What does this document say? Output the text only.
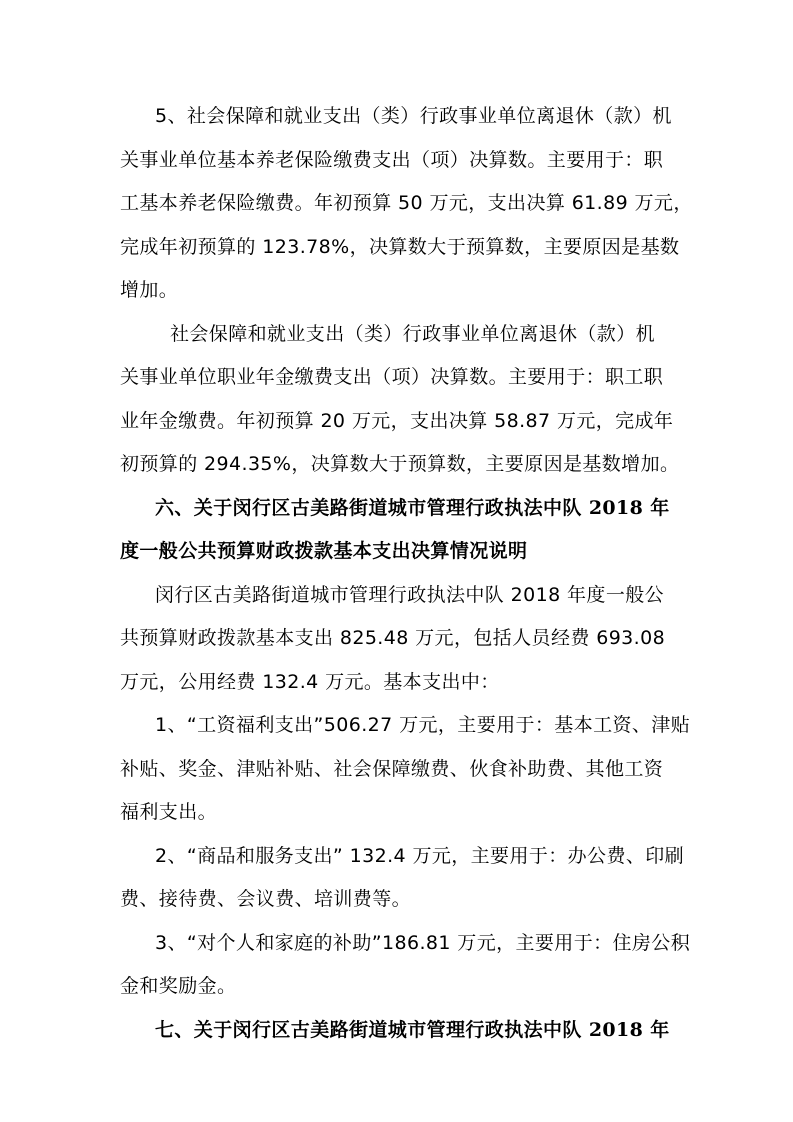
5、社会保障和就业支出（类）行政事业单位离退休（款）机
关事业单位基本养老保险缴费支出（项）决算数。主要用于：职
工基本养老保险缴费。年初预算 50 万元，支出决算 61.89 万元，
完成年初预算的 123.78%，决算数大于预算数，主要原因是基数
增加。
社会保障和就业支出（类）行政事业单位离退休（款）机
关事业单位职业年金缴费支出（项）决算数。主要用于：职工职
业年金缴费。年初预算 20 万元，支出决算 58.87 万元，完成年
初预算的 294.35%，决算数大于预算数，主要原因是基数增加。
六、关于闵行区古美路街道城市管理行政执法中队 2018 年
度一般公共预算财政拨款基本支出决算情况说明
闵行区古美路街道城市管理行政执法中队 2018 年度一般公
共预算财政拨款基本支出 825.48 万元，包括人员经费 693.08
万元，公用经费 132.4 万元。基本支出中：
1、“工资福利支出”506.27 万元，主要用于：基本工资、津贴
补贴、奖金、津贴补贴、社会保障缴费、伙食补助费、其他工资
福利支出。
2、“商品和服务支出” 132.4 万元，主要用于：办公费、印刷
费、接待费、会议费、培训费等。
3、“对个人和家庭的补助”186.81 万元，主要用于：住房公积
金和奖励金。
七、关于闵行区古美路街道城市管理行政执法中队 2018 年
